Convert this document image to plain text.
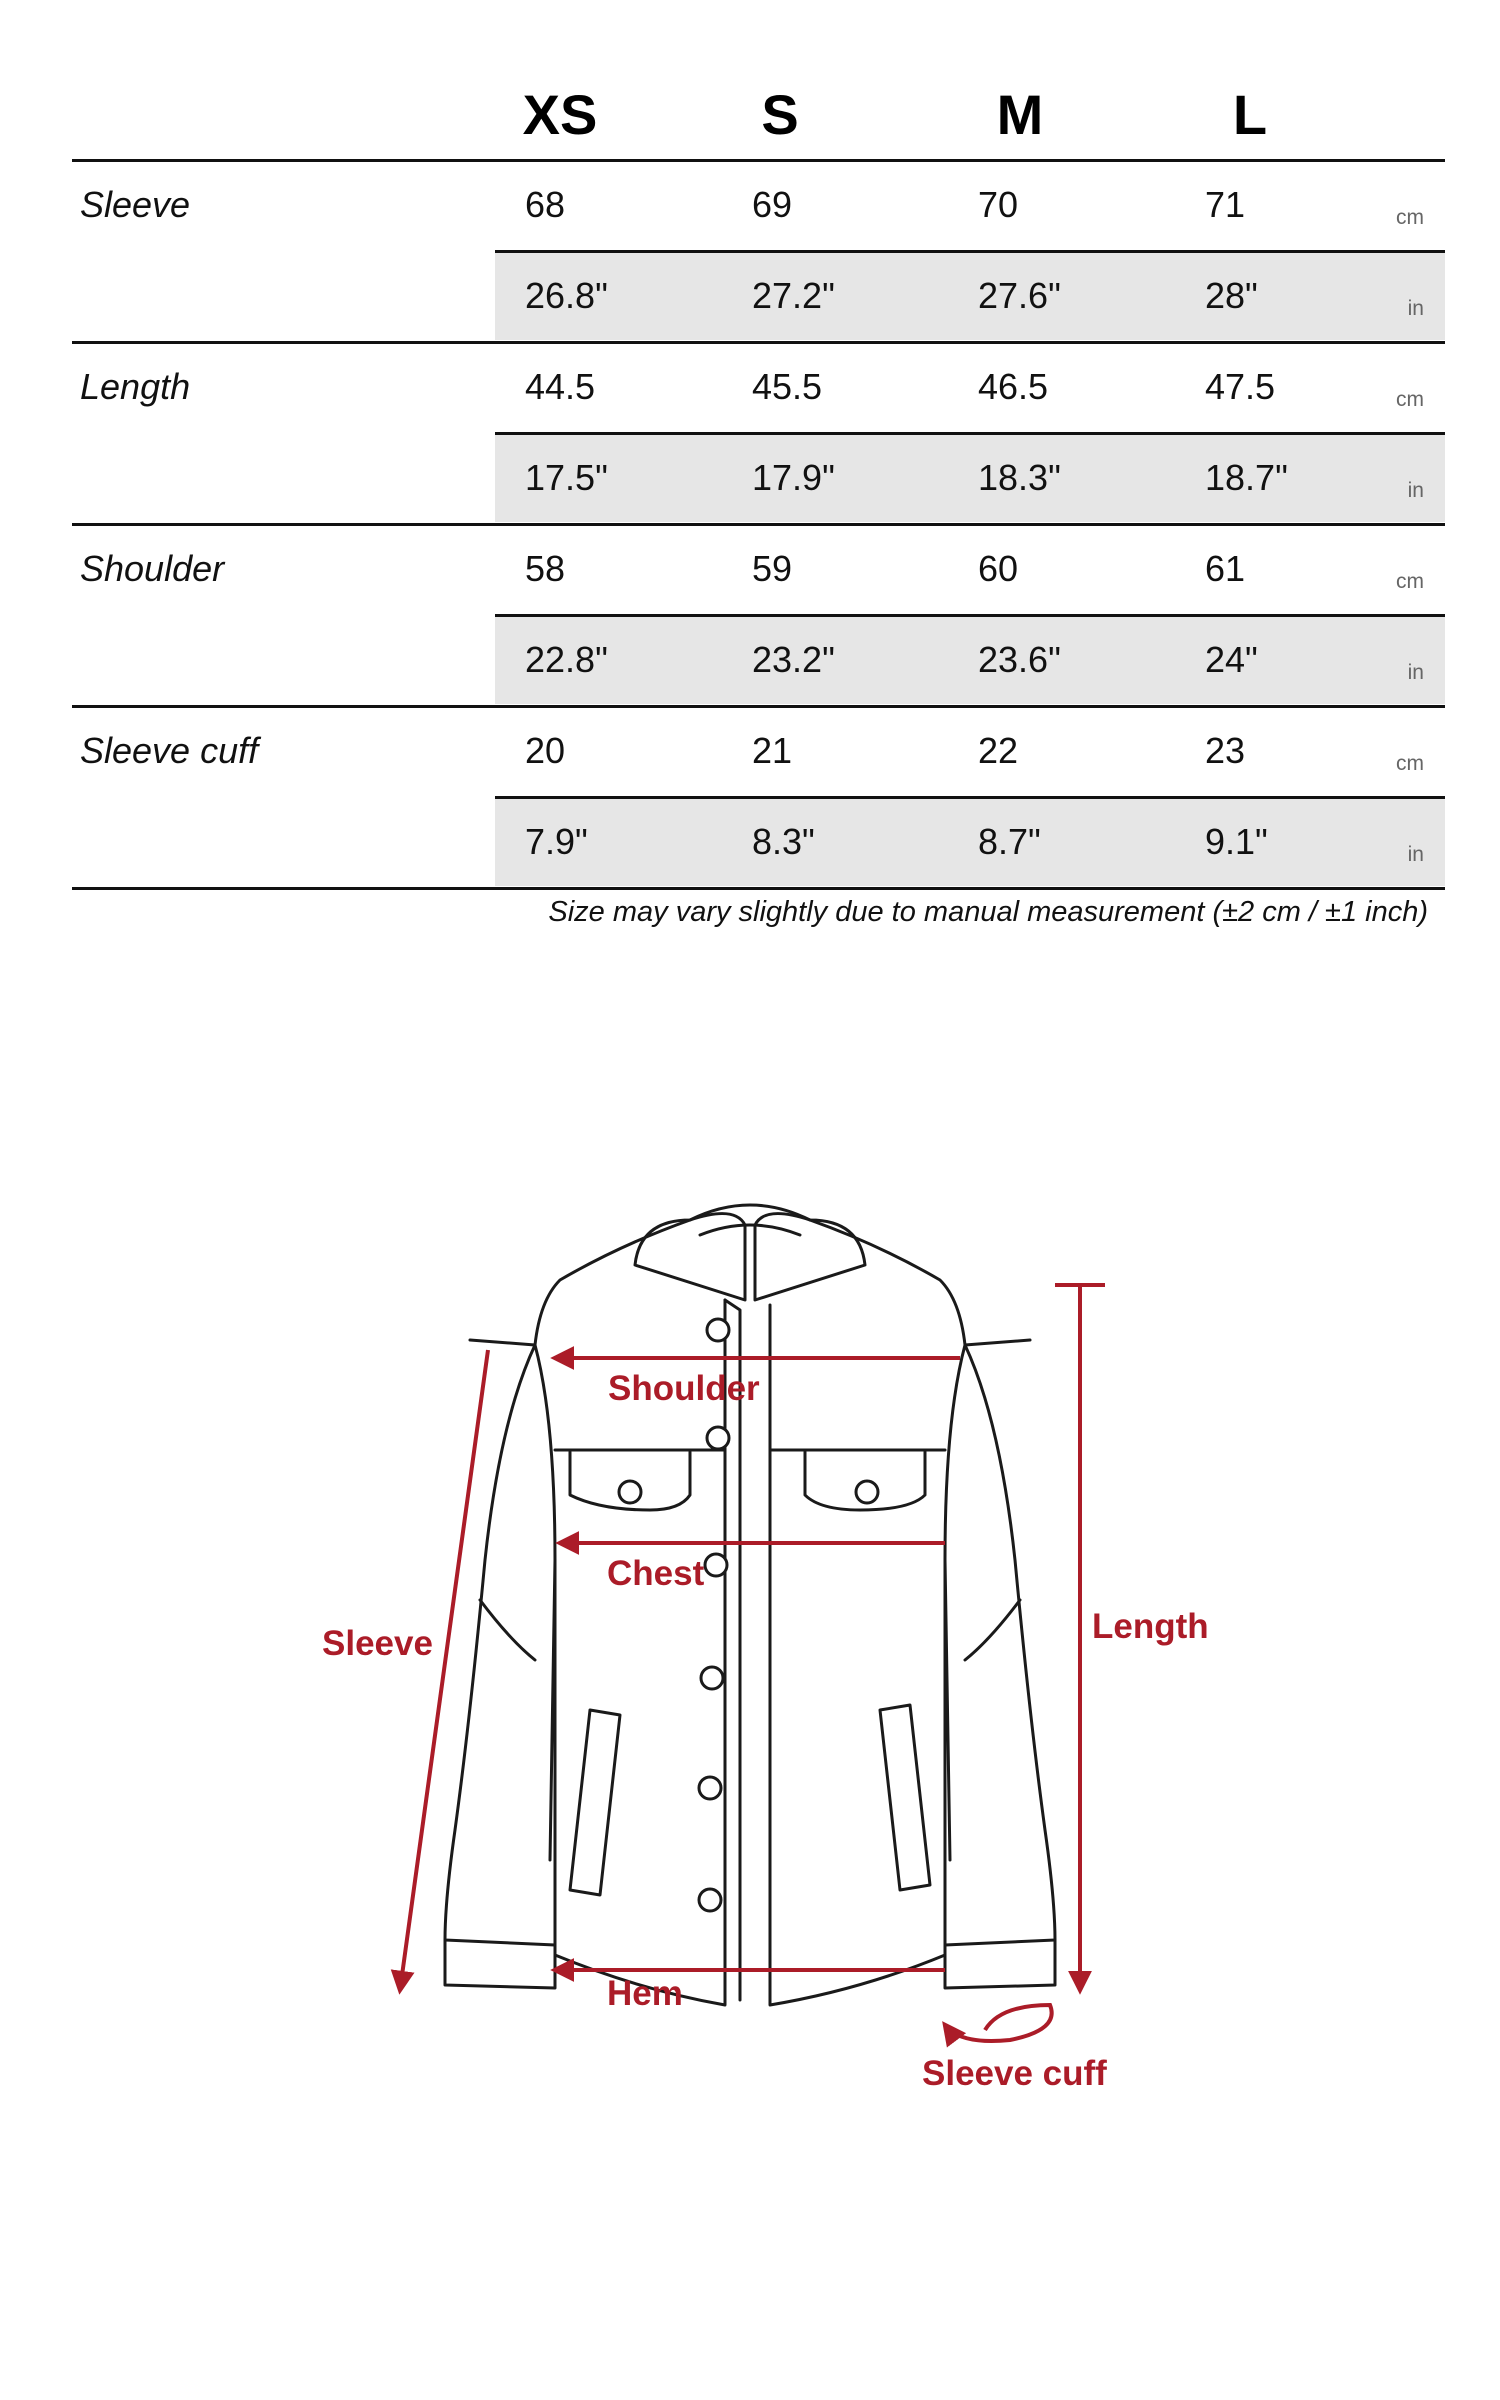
XS	S	M	L
Sleeve	68	69	70	71	cm
26.8"	27.2"	27.6"	28"	in
Length	44.5	45.5	46.5	47.5	cm
17.5"	17.9"	18.3"	18.7"	in
Shoulder	58	59	60	61	cm
22.8"	23.2"	23.6"	24"	in
Sleeve cuff	20	21	22	23	cm
7.9"	8.3"	8.7"	9.1"	in
Size may vary slightly due to manual measurement (±2 cm / ±1 inch)
Shoulder
Chest
Sleeve	Length
Hem
Sleeve cuff
